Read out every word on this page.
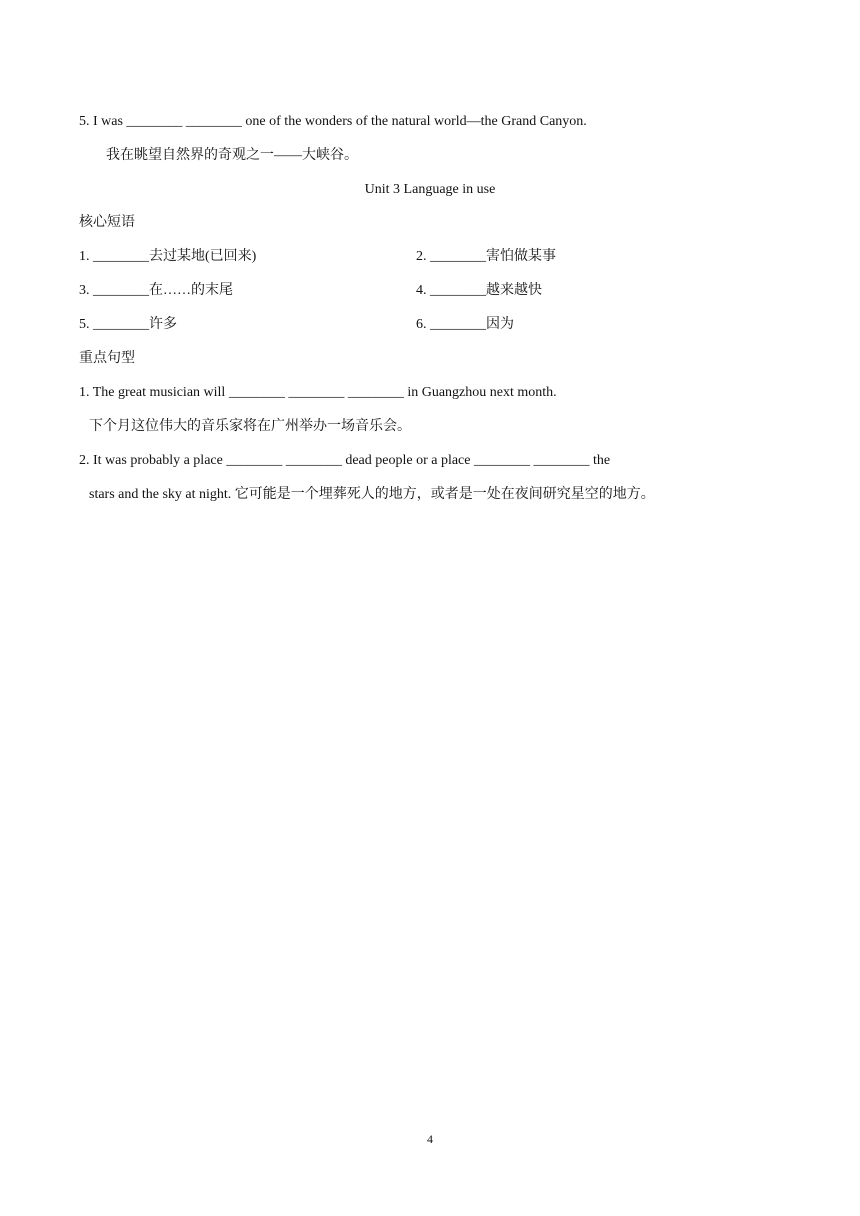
5. I was ________ ________ one of the wonders of the natural world—the Grand Canyon.
我在眺望自然界的奇观之一——大峡谷。
Unit 3 Language in use
核心短语
1. ________去过某地(已回来)	2. ________害怕做某事
3. ________在……的末尾	4. ________越来越快
5. ________许多	6. ________因为
重点句型
1. The great musician will ________ ________ ________ in Guangzhou next month.
下个月这位伟大的音乐家将在广州举办一场音乐会。
2. It was probably a place ________ ________ dead people or a place ________ ________ the
stars and the sky at night. 它可能是一个埋葬死人的地方，或者是一处在夜间研究星空的地方。
4
